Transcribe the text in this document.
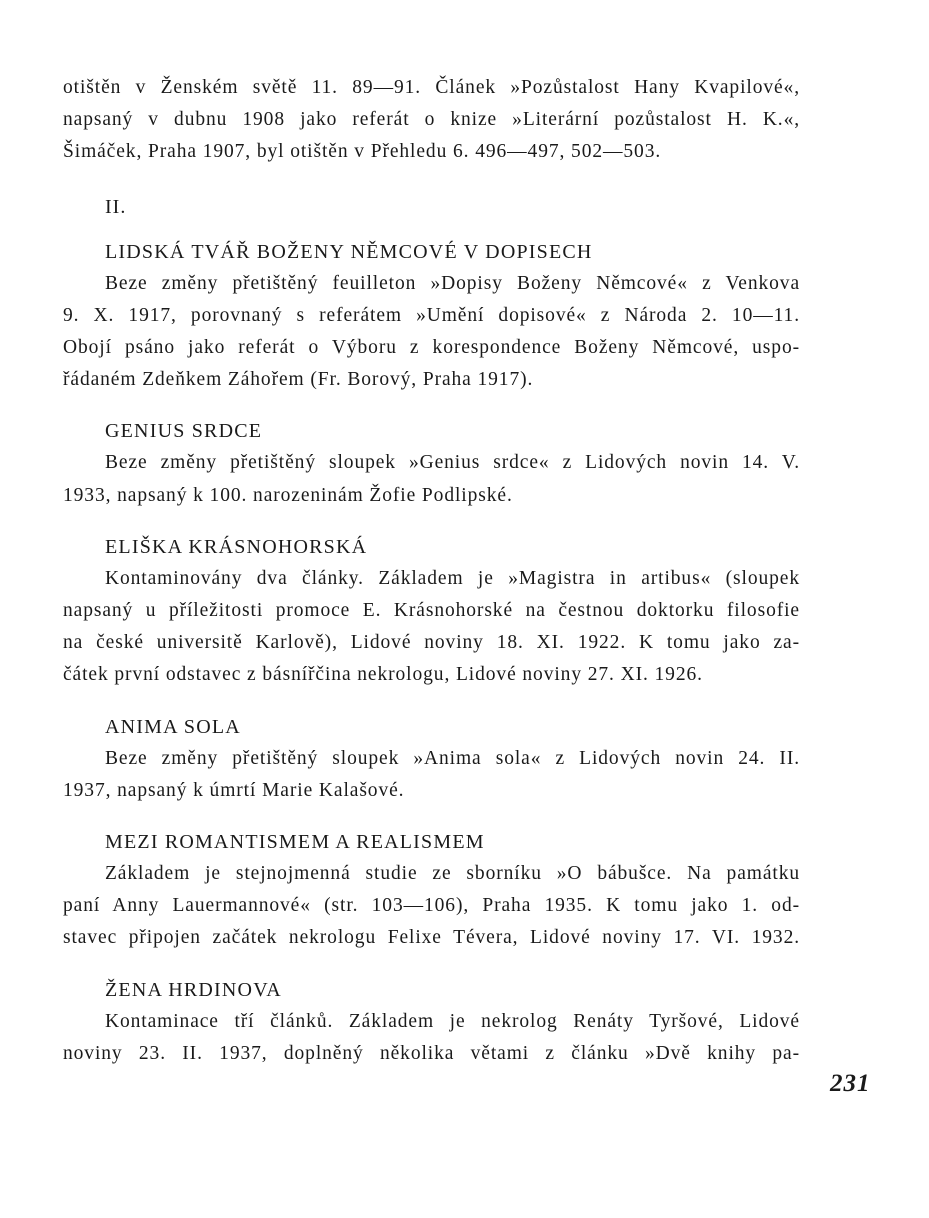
otištěn v Ženském světě 11. 89—91. Článek »Pozůstalost Hany Kvapilové«,
napsaný v dubnu 1908 jako referát o knize »Literární pozůstalost H. K.«,
Šimáček, Praha 1907, byl otištěn v Přehledu 6. 496—497, 502—503.
II.
LIDSKÁ TVÁŘ BOŽENY NĚMCOVÉ V DOPISECH
Beze změny přetištěný feuilleton »Dopisy Boženy Němcové« z Venkova
9. X. 1917, porovnaný s referátem »Umění dopisové« z Národa 2. 10—11.
Obojí psáno jako referát o Výboru z korespondence Boženy Němcové, uspo-
řádaném Zdeňkem Záhořem (Fr. Borový, Praha 1917).
GENIUS SRDCE
Beze změny přetištěný sloupek »Genius srdce« z Lidových novin 14. V.
1933, napsaný k 100. narozeninám Žofie Podlipské.
ELIŠKA KRÁSNOHORSKÁ
Kontaminovány dva články. Základem je »Magistra in artibus« (sloupek
napsaný u příležitosti promoce E. Krásnohorské na čestnou doktorku filosofie
na české universitě Karlově), Lidové noviny 18. XI. 1922. K tomu jako za-
čátek první odstavec z básnířčina nekrologu, Lidové noviny 27. XI. 1926.
ANIMA SOLA
Beze změny přetištěný sloupek »Anima sola« z Lidových novin 24. II.
1937, napsaný k úmrtí Marie Kalašové.
MEZI ROMANTISMEM A REALISMEM
Základem je stejnojmenná studie ze sborníku »O bábušce. Na památku
paní Anny Lauermannové« (str. 103—106), Praha 1935. K tomu jako 1. od-
stavec připojen začátek nekrologu Felixe Tévera, Lidové noviny 17. VI. 1932.
ŽENA HRDINOVA
Kontaminace tří článků. Základem je nekrolog Renáty Tyršové, Lidové
noviny 23. II. 1937, doplněný několika větami z článku »Dvě knihy pa-
231
